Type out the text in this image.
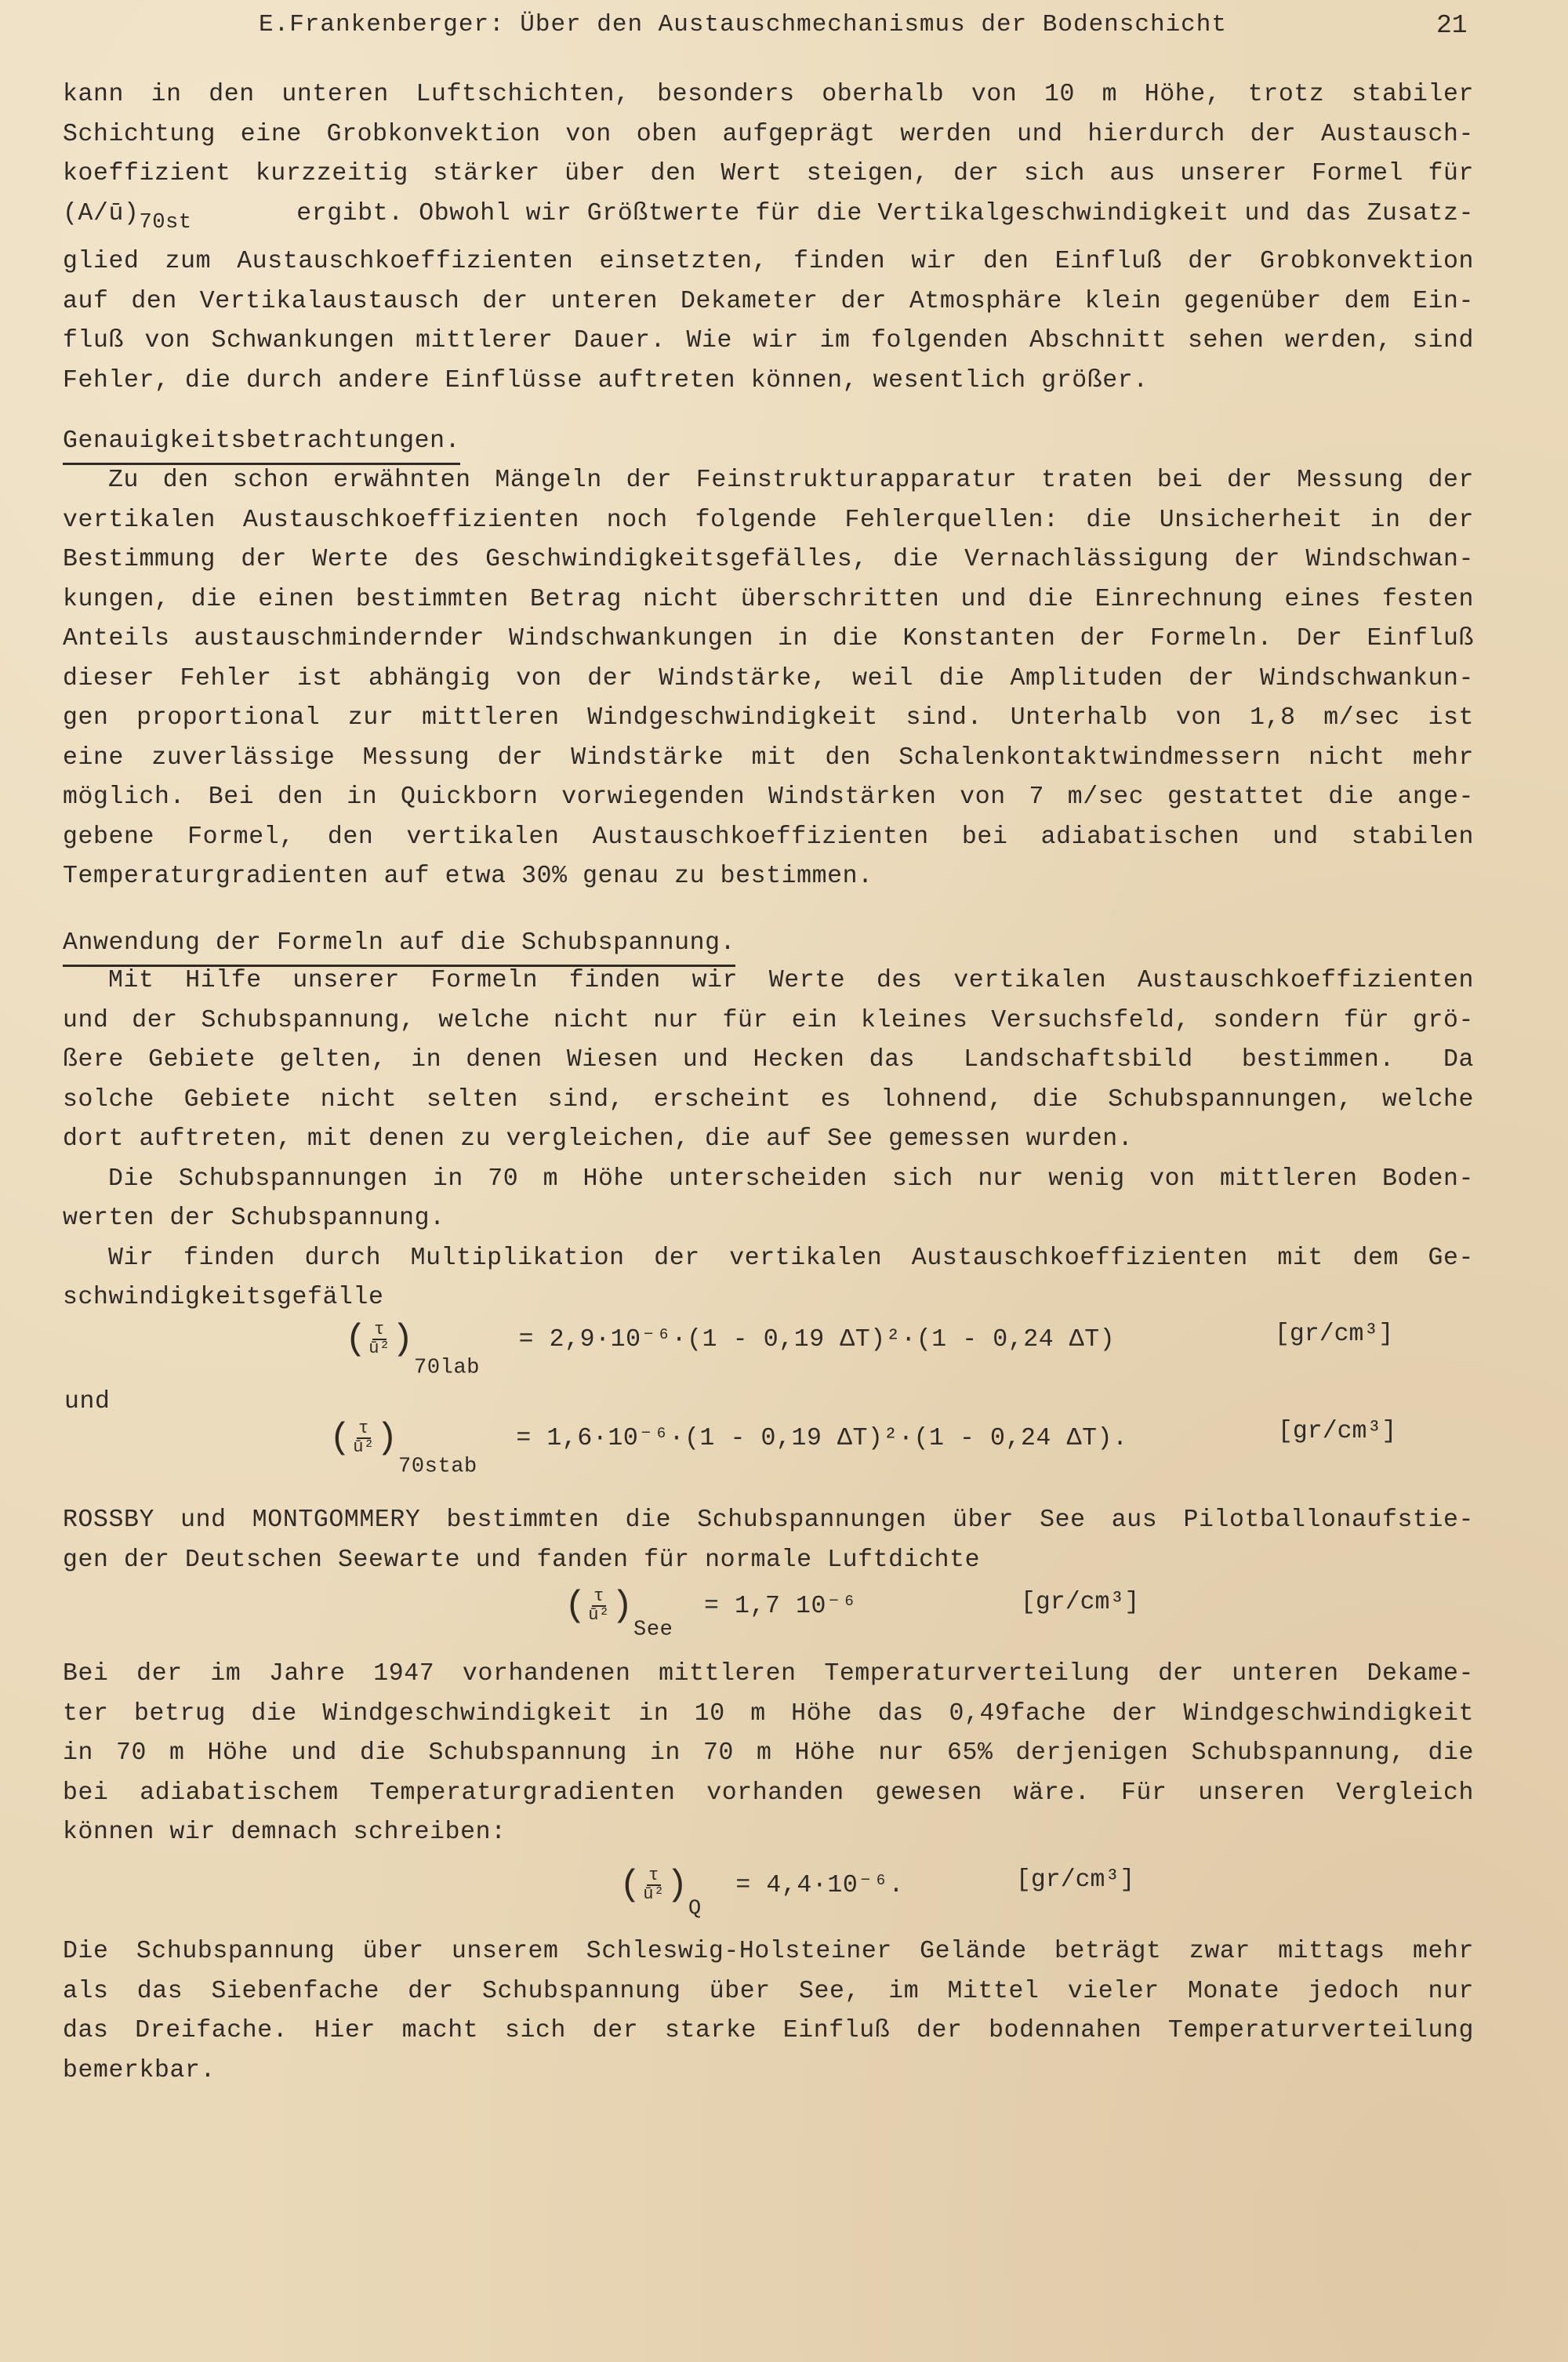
E.Frankenberger: Über den Austauschmechanismus der Bodenschicht	21
kann in den unteren Luftschichten, besonders oberhalb von 10 m Höhe, trotz stabiler
Schichtung eine Grobkonvektion von oben aufgeprägt werden und hierdurch der Austausch-
koeffizient kurzzeitig stärker über den Wert steigen, der sich aus unserer Formel für
(A/ū)70st	ergibt. Obwohl wir Größtwerte für die Vertikalgeschwindigkeit und das Zusatz-
glied zum Austauschkoeffizienten einsetzten, finden wir den Einfluß der Grobkonvektion
auf den Vertikalaustausch der unteren Dekameter der Atmosphäre klein gegenüber dem Ein-
fluß von Schwankungen mittlerer Dauer. Wie wir im folgenden Abschnitt sehen werden, sind
Fehler, die durch andere Einflüsse auftreten können, wesentlich größer.
Genauigkeitsbetrachtungen.
Zu den schon erwähnten Mängeln der Feinstrukturapparatur traten bei der Messung der
vertikalen Austauschkoeffizienten noch folgende Fehlerquellen: die Unsicherheit in der
Bestimmung der Werte des Geschwindigkeitsgefälles, die Vernachlässigung der Windschwan-
kungen, die einen bestimmten Betrag nicht überschritten und die Einrechnung eines festen
Anteils austauschmindernder Windschwankungen in die Konstanten der Formeln. Der Einfluß
dieser Fehler ist abhängig von der Windstärke, weil die Amplituden der Windschwankun-
gen proportional zur mittleren Windgeschwindigkeit sind. Unterhalb von 1,8 m/sec ist
eine zuverlässige Messung der Windstärke mit den Schalenkontaktwindmessern nicht mehr
möglich. Bei den in Quickborn vorwiegenden Windstärken von 7 m/sec gestattet die ange-
gebene Formel, den vertikalen Austauschkoeffizienten bei adiabatischen und stabilen
Temperaturgradienten auf etwa 30% genau zu bestimmen.
Anwendung der Formeln auf die Schubspannung.
Mit Hilfe unserer Formeln finden wir Werte des vertikalen Austauschkoeffizienten
und der Schubspannung, welche nicht nur für ein kleines Versuchsfeld, sondern für grö-
ßere Gebiete gelten, in denen Wiesen und Hecken das  Landschaftsbild  bestimmen.  Da
solche Gebiete nicht selten sind, erscheint es lohnend, die Schubspannungen, welche
dort auftreten, mit denen zu vergleichen, die auf See gemessen wurden.
Die Schubspannungen in 70 m Höhe unterscheiden sich nur wenig von mittleren Boden-
werten der Schubspannung.
Wir finden durch Multiplikation der vertikalen Austauschkoeffizienten mit dem Ge-
schwindigkeitsgefälle
( $\frac{\tau}{\text{ū²}} )70lab = 2,9\cdot 10^{-6}\cdot(1 - 0,19$ ΔT)²·(1 - 0,24 ΔT)	[gr/cm³]
und
( $\frac{\tau}{\text{ū²}}$ )70stab = 1,6·10⁻⁶·(1 - 0,19 ΔT)²·(1 - 0,24 ΔT).	[gr/cm³]
ROSSBY und MONTGOMMERY bestimmten die Schubspannungen über See aus Pilotballonaufstie-
gen der Deutschen Seewarte und fanden für normale Luftdichte
( $\frac{\tau}{\text{ū²}} )See = 1,7$ 10⁻⁶	[gr/cm³]
Bei der im Jahre 1947 vorhandenen mittleren Temperaturverteilung der unteren Dekame-
ter betrug die Windgeschwindigkeit in 10 m Höhe das 0,49fache der Windgeschwindigkeit
in 70 m Höhe und die Schubspannung in 70 m Höhe nur 65% derjenigen Schubspannung, die
bei adiabatischem Temperaturgradienten vorhanden gewesen wäre. Für unseren Vergleich
können wir demnach schreiben:
( $\frac{\tau}{\text{ū²}} )Q = 4,4\cdot 10^{-6}$.	[gr/cm³]
Die Schubspannung über unserem Schleswig-Holsteiner Gelände beträgt zwar mittags mehr
als das Siebenfache der Schubspannung über See, im Mittel vieler Monate jedoch nur
das Dreifache. Hier macht sich der starke Einfluß der bodennahen Temperaturverteilung
bemerkbar.
